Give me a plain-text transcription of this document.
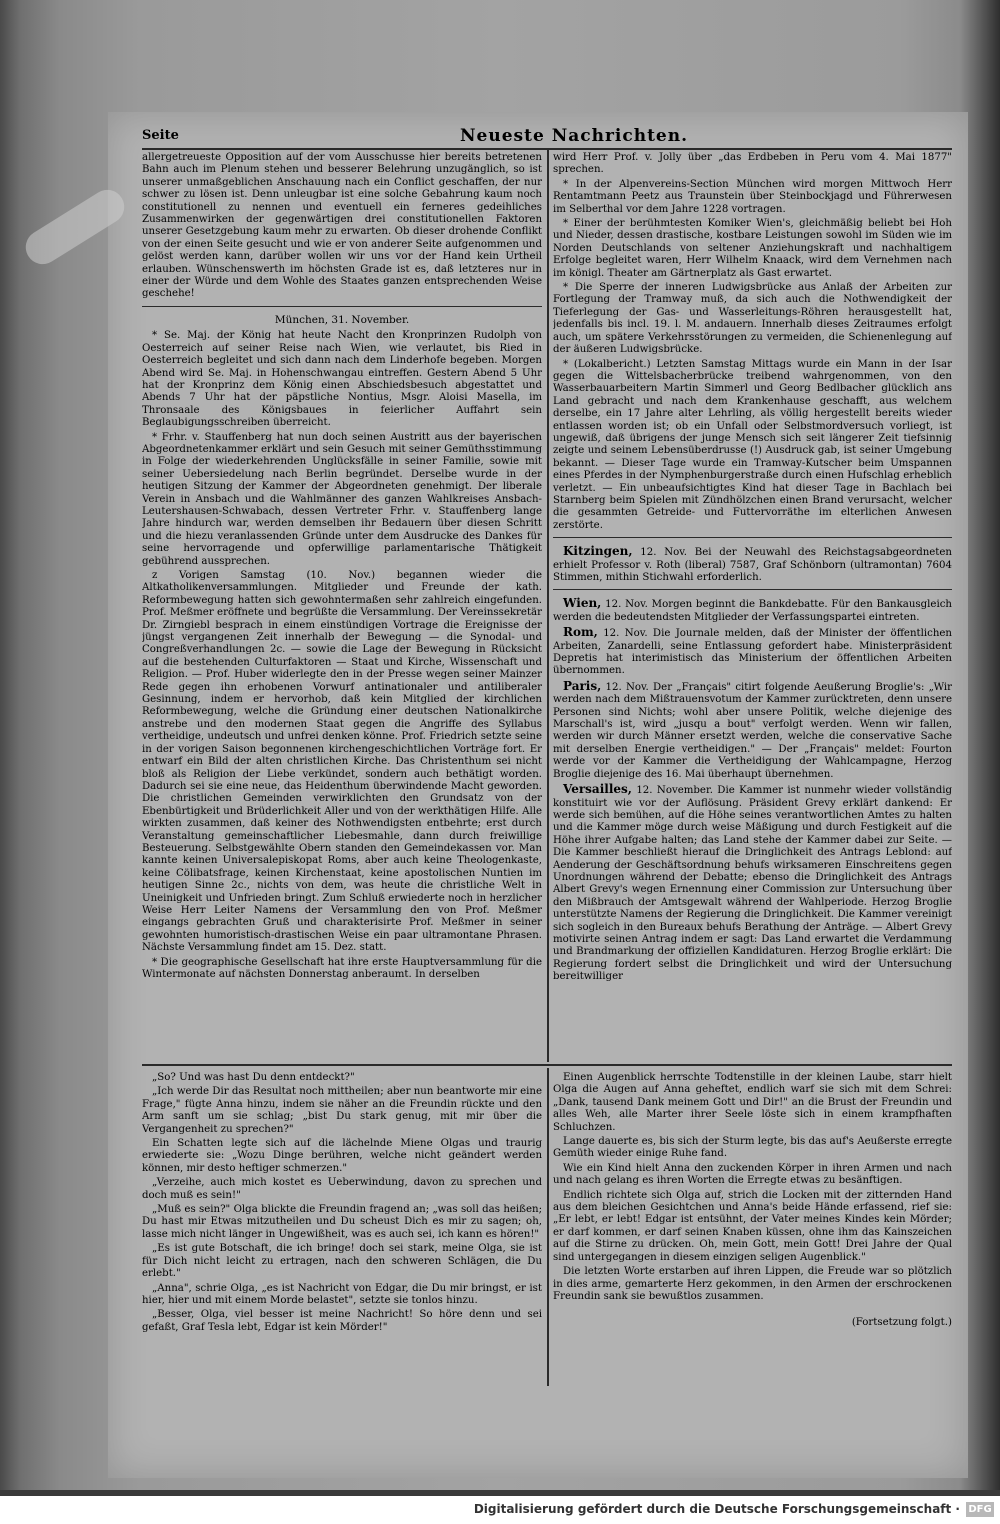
Seite	Neueste Nachrichten.

allergetreueste Opposition auf der vom Ausschusse hier bereits betretenen Bahn auch im Plenum stehen und besserer Belehrung unzugänglich, so ist unserer unmaßgeblichen Anschauung nach ein Conflict geschaffen, der nur schwer zu lösen ist. Denn unleugbar ist eine solche Gebahrung kaum noch constitutionell zu nennen und eventuell ein ferneres gedeihliches Zusammenwirken der gegenwärtigen drei constitutionellen Faktoren unserer Gesetzgebung kaum mehr zu erwarten. Ob dieser drohende Conflikt von der einen Seite gesucht und wie er von anderer Seite aufgenommen und gelöst werden kann, darüber wollen wir uns vor der Hand kein Urtheil erlauben. Wünschenswerth im höchsten Grade ist es, daß letzteres nur in einer der Würde und dem Wohle des Staates ganzen entsprechenden Weise geschehe!

München, 31. November.

* Se. Maj. der König hat heute Nacht den Kronprinzen Rudolph von Oesterreich auf seiner Reise nach Wien, wie verlautet, bis Ried in Oesterreich begleitet und sich dann nach dem Linderhofe begeben. Morgen Abend wird Se. Maj. in Hohenschwangau eintreffen. Gestern Abend 5 Uhr hat der Kronprinz dem König einen Abschiedsbesuch abgestattet und Abends 7 Uhr hat der päpstliche Nontius, Msgr. Aloisi Masella, im Thronsaale des Königsbaues in feierlicher Auffahrt sein Beglaubigungsschreiben überreicht.

* Frhr. v. Stauffenberg hat nun doch seinen Austritt aus der bayerischen Abgeordnetenkammer erklärt und sein Gesuch mit seiner Gemüthsstimmung in Folge der wiederkehrenden Unglücksfälle in seiner Familie, sowie mit seiner Uebersiedelung nach Berlin begründet. Derselbe wurde in der heutigen Sitzung der Kammer der Abgeordneten genehmigt. Der liberale Verein in Ansbach und die Wahlmänner des ganzen Wahlkreises Ansbach-Leutershausen-Schwabach, dessen Vertreter Frhr. v. Stauffenberg lange Jahre hindurch war, werden demselben ihr Bedauern über diesen Schritt und die hiezu veranlassenden Gründe unter dem Ausdrucke des Dankes für seine hervorragende und opferwillige parlamentarische Thätigkeit gebührend aussprechen.

z Vorigen Samstag (10. Nov.) begannen wieder die Altkatholikenversammlungen. Mitglieder und Freunde der kath. Reformbewegung hatten sich gewohntermaßen sehr zahlreich eingefunden. Prof. Meßmer eröffnete und begrüßte die Versammlung. Der Vereinssekretär Dr. Zirngiebl besprach in einem einstündigen Vortrage die Ereignisse der jüngst vergangenen Zeit innerhalb der Bewegung — die Synodal- und Congreßverhandlungen 2c. — sowie die Lage der Bewegung in Rücksicht auf die bestehenden Culturfaktoren — Staat und Kirche, Wissenschaft und Religion. — Prof. Huber widerlegte den in der Presse wegen seiner Mainzer Rede gegen ihn erhobenen Vorwurf antinationaler und antiliberaler Gesinnung, indem er hervorhob, daß kein Mitglied der kirchlichen Reformbewegung, welche die Gründung einer deutschen Nationalkirche anstrebe und den modernen Staat gegen die Angriffe des Syllabus vertheidige, undeutsch und unfrei denken könne. Prof. Friedrich setzte seine in der vorigen Saison begonnenen kirchengeschichtlichen Vorträge fort. Er entwarf ein Bild der alten christlichen Kirche. Das Christenthum sei nicht bloß als Religion der Liebe verkündet, sondern auch bethätigt worden. Dadurch sei sie eine neue, das Heidenthum überwindende Macht geworden. Die christlichen Gemeinden verwirklichten den Grundsatz von der Ebenbürtigkeit und Brüderlichkeit Aller und von der werkthätigen Hilfe. Alle wirkten zusammen, daß keiner des Nothwendigsten entbehrte; erst durch Veranstaltung gemeinschaftlicher Liebesmahle, dann durch freiwillige Besteuerung. Selbstgewählte Obern standen den Gemeindekassen vor. Man kannte keinen Universalepiskopat Roms, aber auch keine Theologenkaste, keine Cölibatsfrage, keinen Kirchenstaat, keine apostolischen Nuntien im heutigen Sinne 2c., nichts von dem, was heute die christliche Welt in Uneinigkeit und Unfrieden bringt. Zum Schluß erwiederte noch in herzlicher Weise Herr Leiter Namens der Versammlung den von Prof. Meßmer eingangs gebrachten Gruß und charakterisirte Prof. Meßmer in seiner gewohnten humoristisch-drastischen Weise ein paar ultramontane Phrasen. Nächste Versammlung findet am 15. Dez. statt.

* Die geographische Gesellschaft hat ihre erste Hauptversammlung für die Wintermonate auf nächsten Donnerstag anberaumt. In derselben

wird Herr Prof. v. Jolly über „das Erdbeben in Peru vom 4. Mai 1877" sprechen.

* In der Alpenvereins-Section München wird morgen Mittwoch Herr Rentamtmann Peetz aus Traunstein über Steinbockjagd und Führerwesen im Selberthal vor dem Jahre 1228 vortragen.

* Einer der berühmtesten Komiker Wien's, gleichmäßig beliebt bei Hoh und Nieder, dessen drastische, kostbare Leistungen sowohl im Süden wie im Norden Deutschlands von seltener Anziehungskraft und nachhaltigem Erfolge begleitet waren, Herr Wilhelm Knaack, wird dem Vernehmen nach im königl. Theater am Gärtnerplatz als Gast erwartet.

* Die Sperre der inneren Ludwigsbrücke aus Anlaß der Arbeiten zur Fortlegung der Tramway muß, da sich auch die Nothwendigkeit der Tieferlegung der Gas- und Wasserleitungs-Röhren herausgestellt hat, jedenfalls bis incl. 19. l. M. andauern. Innerhalb dieses Zeitraumes erfolgt auch, um spätere Verkehrsstörungen zu vermeiden, die Schienenlegung auf der äußeren Ludwigsbrücke.

* (Lokalbericht.) Letzten Samstag Mittags wurde ein Mann in der Isar gegen die Wittelsbacherbrücke treibend wahrgenommen, von den Wasserbauarbeitern Martin Simmerl und Georg Bedlbacher glücklich ans Land gebracht und nach dem Krankenhause geschafft, aus welchem derselbe, ein 17 Jahre alter Lehrling, als völlig hergestellt bereits wieder entlassen worden ist; ob ein Unfall oder Selbstmordversuch vorliegt, ist ungewiß, daß übrigens der junge Mensch sich seit längerer Zeit tiefsinnig zeigte und seinem Lebensüberdrusse (!) Ausdruck gab, ist seiner Umgebung bekannt. — Dieser Tage wurde ein Tramway-Kutscher beim Umspannen eines Pferdes in der Nymphenburgerstraße durch einen Hufschlag erheblich verletzt. — Ein unbeaufsichtigtes Kind hat dieser Tage in Bachlach bei Starnberg beim Spielen mit Zündhölzchen einen Brand verursacht, welcher die gesammten Getreide- und Futtervorräthe im elterlichen Anwesen zerstörte.

Kitzingen, 12. Nov. Bei der Neuwahl des Reichstagsabgeordneten erhielt Professor v. Roth (liberal) 7587, Graf Schönborn (ultramontan) 7604 Stimmen, mithin Stichwahl erforderlich.

Wien, 12. Nov. Morgen beginnt die Bankdebatte. Für den Bankausgleich werden die bedeutendsten Mitglieder der Verfassungspartei eintreten.

Rom, 12. Nov. Die Journale melden, daß der Minister der öffentlichen Arbeiten, Zanardelli, seine Entlassung gefordert habe. Ministerpräsident Depretis hat interimistisch das Ministerium der öffentlichen Arbeiten übernommen.

Paris, 12. Nov. Der „Français" citirt folgende Aeußerung Broglie's: „Wir werden nach dem Mißtrauensvotum der Kammer zurücktreten, denn unsere Personen sind Nichts; wohl aber unsere Politik, welche diejenige des Marschall's ist, wird „jusqu a bout" verfolgt werden. Wenn wir fallen, werden wir durch Männer ersetzt werden, welche die conservative Sache mit derselben Energie vertheidigen." — Der „Français" meldet: Fourton werde vor der Kammer die Vertheidigung der Wahlcampagne, Herzog Broglie diejenige des 16. Mai überhaupt übernehmen.

Versailles, 12. November. Die Kammer ist nunmehr wieder vollständig konstituirt wie vor der Auflösung. Präsident Grevy erklärt dankend: Er werde sich bemühen, auf die Höhe seines verantwortlichen Amtes zu halten und die Kammer möge durch weise Mäßigung und durch Festigkeit auf die Höhe ihrer Aufgabe halten; das Land stehe der Kammer dabei zur Seite. — Die Kammer beschließt hierauf die Dringlichkeit des Antrags Leblond: auf Aenderung der Geschäftsordnung behufs wirksameren Einschreitens gegen Unordnungen während der Debatte; ebenso die Dringlichkeit des Antrags Albert Grevy's wegen Ernennung einer Commission zur Untersuchung über den Mißbrauch der Amtsgewalt während der Wahlperiode. Herzog Broglie unterstützte Namens der Regierung die Dringlichkeit. Die Kammer vereinigt sich sogleich in den Bureaux behufs Berathung der Anträge. — Albert Grevy motivirte seinen Antrag indem er sagt: Das Land erwartet die Verdammung und Brandmarkung der offiziellen Kandidaturen. Herzog Broglie erklärt: Die Regierung fordert selbst die Dringlichkeit und wird der Untersuchung bereitwilliger

„So? Und was hast Du denn entdeckt?"

„Ich werde Dir das Resultat noch mittheilen; aber nun beantworte mir eine Frage," fügte Anna hinzu, indem sie näher an die Freundin rückte und den Arm sanft um sie schlag; „bist Du stark genug, mit mir über die Vergangenheit zu sprechen?"

Ein Schatten legte sich auf die lächelnde Miene Olgas und traurig erwiederte sie: „Wozu Dinge berühren, welche nicht geändert werden können, mir desto heftiger schmerzen."

„Verzeihe, auch mich kostet es Ueberwindung, davon zu sprechen und doch muß es sein!"

„Muß es sein?" Olga blickte die Freundin fragend an; „was soll das heißen; Du hast mir Etwas mitzutheilen und Du scheust Dich es mir zu sagen; oh, lasse mich nicht länger in Ungewißheit, was es auch sei, ich kann es hören!"

„Es ist gute Botschaft, die ich bringe! doch sei stark, meine Olga, sie ist für Dich nicht leicht zu ertragen, nach den schweren Schlägen, die Du erlebt."

„Anna", schrie Olga, „es ist Nachricht von Edgar, die Du mir bringst, er ist hier, hier und mit einem Morde belastet", setzte sie tonlos hinzu.

„Besser, Olga, viel besser ist meine Nachricht! So höre denn und sei gefaßt, Graf Tesla lebt, Edgar ist kein Mörder!"

Einen Augenblick herrschte Todtenstille in der kleinen Laube, starr hielt Olga die Augen auf Anna geheftet, endlich warf sie sich mit dem Schrei: „Dank, tausend Dank meinem Gott und Dir!" an die Brust der Freundin und alles Weh, alle Marter ihrer Seele löste sich in einem krampfhaften Schluchzen.

Lange dauerte es, bis sich der Sturm legte, bis das auf's Aeußerste erregte Gemüth wieder einige Ruhe fand.

Wie ein Kind hielt Anna den zuckenden Körper in ihren Armen und nach und nach gelang es ihren Worten die Erregte etwas zu besänftigen.

Endlich richtete sich Olga auf, strich die Locken mit der zitternden Hand aus dem bleichen Gesichtchen und Anna's beide Hände erfassend, rief sie: „Er lebt, er lebt! Edgar ist entsühnt, der Vater meines Kindes kein Mörder; er darf kommen, er darf seinen Knaben küssen, ohne ihm das Kainszeichen auf die Stirne zu drücken. Oh, mein Gott, mein Gott! Drei Jahre der Qual sind untergegangen in diesem einzigen seligen Augenblick."

Die letzten Worte erstarben auf ihren Lippen, die Freude war so plötzlich in dies arme, gemarterte Herz gekommen, in den Armen der erschrockenen Freundin sank sie bewußtlos zusammen.

(Fortsetzung folgt.)

Digitalisierung gefördert durch die Deutsche Forschungsgemeinschaft · DFG
